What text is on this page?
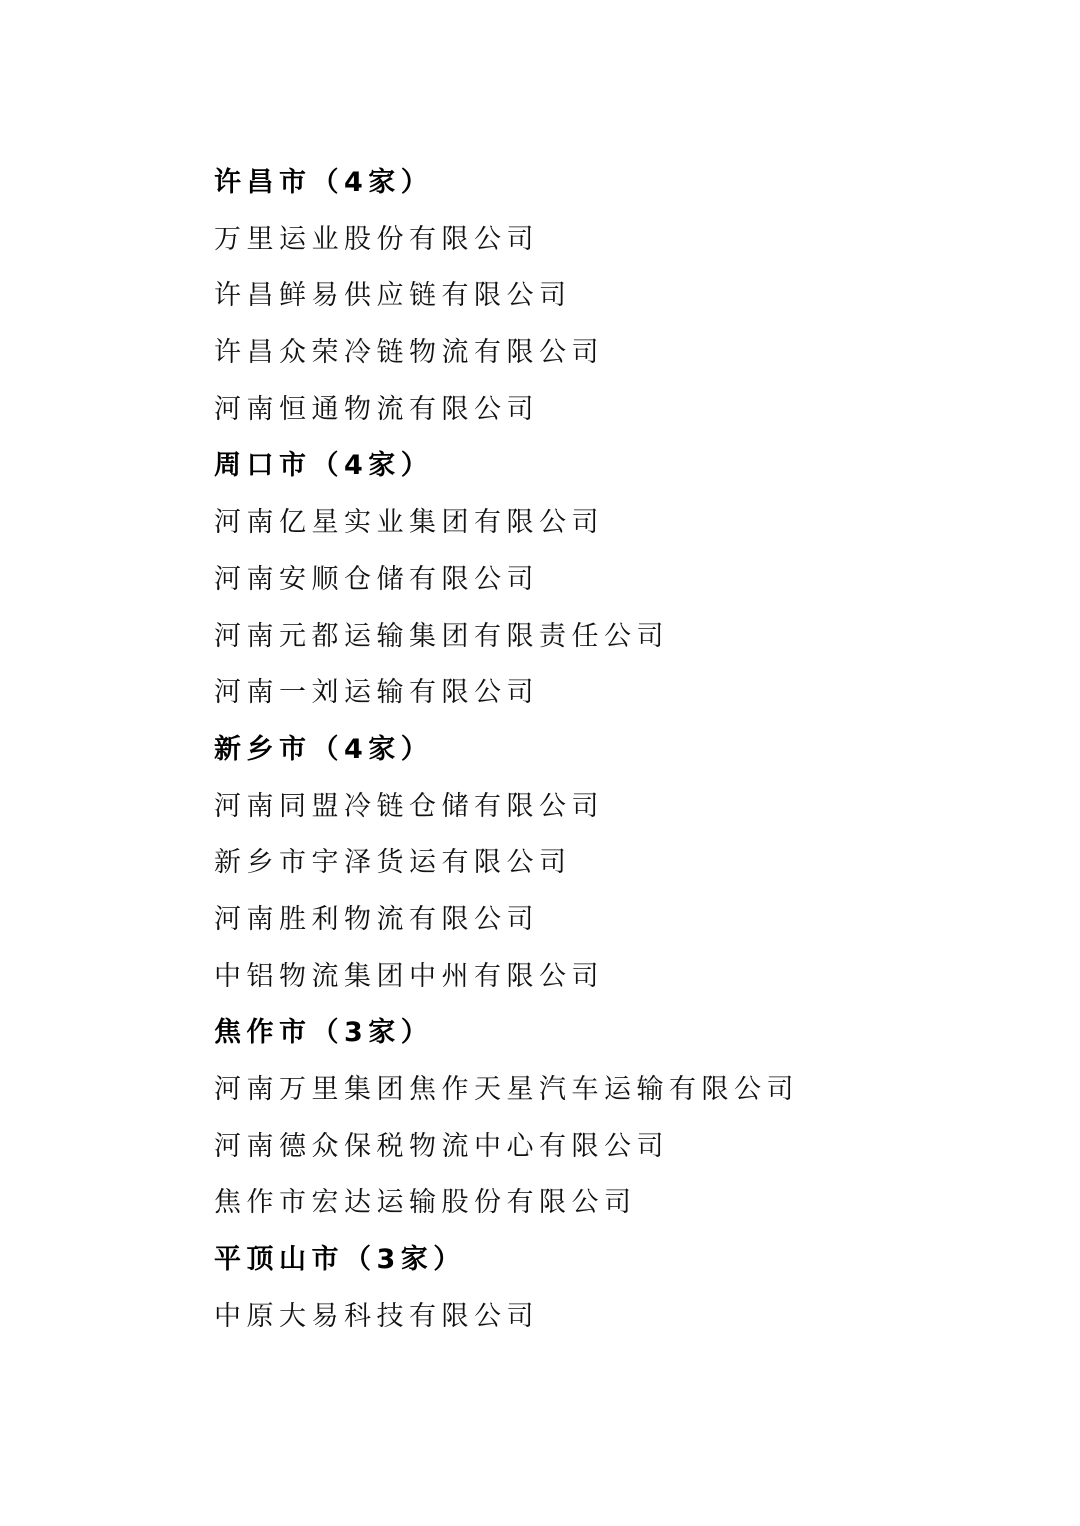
许昌市（4家）
万里运业股份有限公司
许昌鲜易供应链有限公司
许昌众荣冷链物流有限公司
河南恒通物流有限公司
周口市（4家）
河南亿星实业集团有限公司
河南安顺仓储有限公司
河南元都运输集团有限责任公司
河南一刘运输有限公司
新乡市（4家）
河南同盟冷链仓储有限公司
新乡市宇泽货运有限公司
河南胜利物流有限公司
中铝物流集团中州有限公司
焦作市（3家）
河南万里集团焦作天星汽车运输有限公司
河南德众保税物流中心有限公司
焦作市宏达运输股份有限公司
平顶山市（3家）
中原大易科技有限公司
